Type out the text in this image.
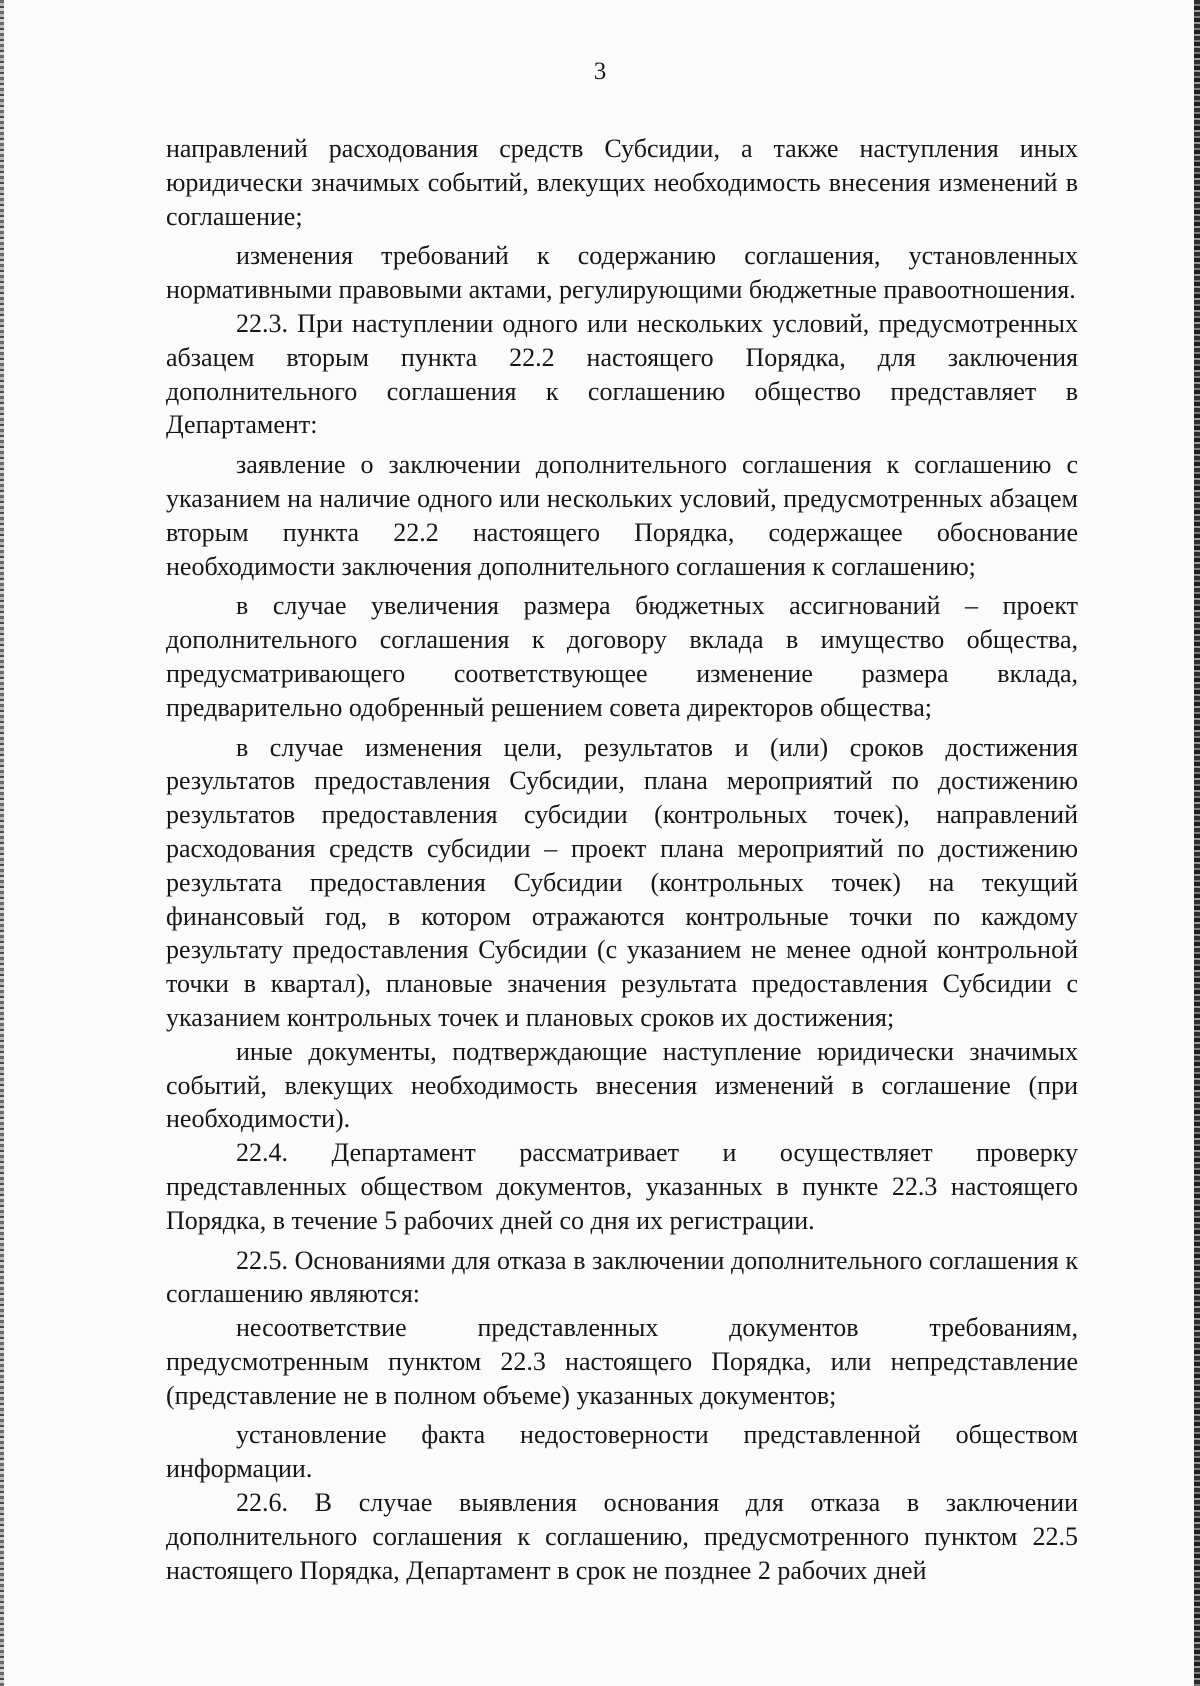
3

направлений расходования средств Субсидии, а также наступления иных юридически значимых событий, влекущих необходимость внесения изменений в соглашение;

изменения требований к содержанию соглашения, установленных нормативными правовыми актами, регулирующими бюджетные правоотношения.

22.3. При наступлении одного или нескольких условий, предусмотренных абзацем вторым пункта 22.2 настоящего Порядка, для заключения дополнительного соглашения к соглашению общество представляет в Департамент:

заявление о заключении дополнительного соглашения к соглашению с указанием на наличие одного или нескольких условий, предусмотренных абзацем вторым пункта 22.2 настоящего Порядка, содержащее обоснование необходимости заключения дополнительного соглашения к соглашению;

в случае увеличения размера бюджетных ассигнований – проект дополнительного соглашения к договору вклада в имущество общества, предусматривающего соответствующее изменение размера вклада, предварительно одобренный решением совета директоров общества;

в случае изменения цели, результатов и (или) сроков достижения результатов предоставления Субсидии, плана мероприятий по достижению результатов предоставления субсидии (контрольных точек), направлений расходования средств субсидии – проект плана мероприятий по достижению результата предоставления Субсидии (контрольных точек) на текущий финансовый год, в котором отражаются контрольные точки по каждому результату предоставления Субсидии (с указанием не менее одной контрольной точки в квартал), плановые значения результата предоставления Субсидии с указанием контрольных точек и плановых сроков их достижения;

иные документы, подтверждающие наступление юридически значимых событий, влекущих необходимость внесения изменений в соглашение (при необходимости).

22.4. Департамент рассматривает и осуществляет проверку представленных обществом документов, указанных в пункте 22.3 настоящего Порядка, в течение 5 рабочих дней со дня их регистрации.

22.5. Основаниями для отказа в заключении дополнительного соглашения к соглашению являются:

несоответствие представленных документов требованиям, предусмотренным пунктом 22.3 настоящего Порядка, или непредставление (представление не в полном объеме) указанных документов;

установление факта недостоверности представленной обществом информации.

22.6. В случае выявления основания для отказа в заключении дополнительного соглашения к соглашению, предусмотренного пунктом 22.5 настоящего Порядка, Департамент в срок не позднее 2 рабочих дней
